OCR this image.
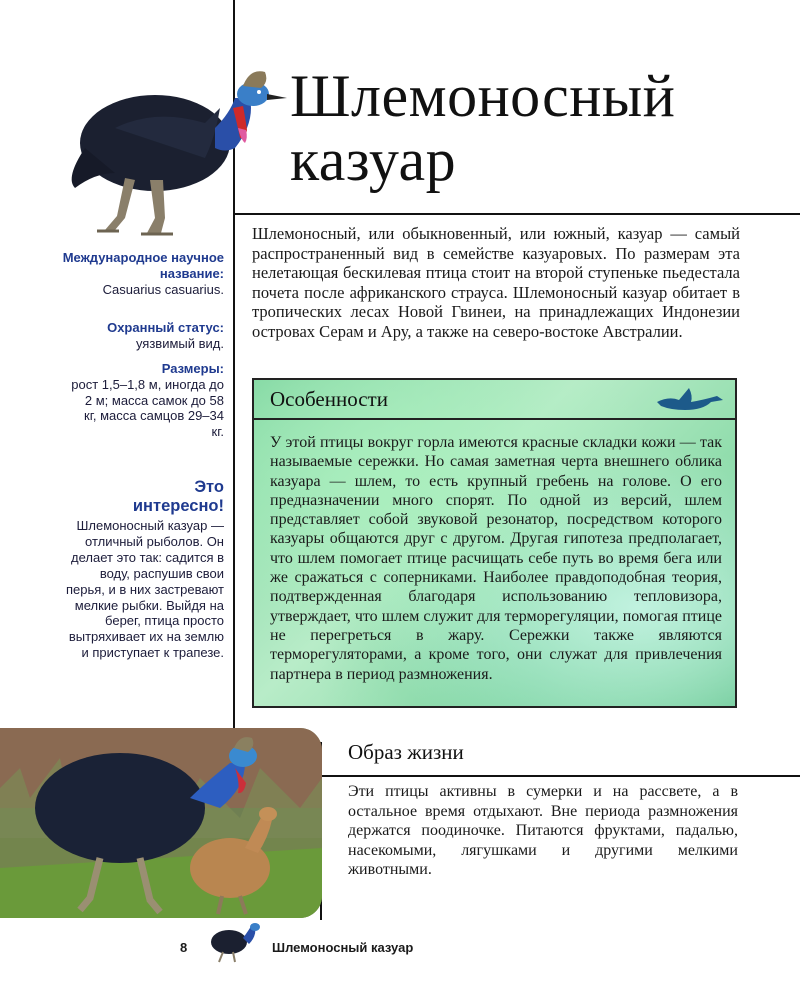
Шлемоносный
казуар

Шлемоносный, или обыкновенный, или южный, казуар — самый распространенный вид в семействе казуаровых. По размерам эта нелетающая бескилевая птица стоит на второй ступеньке пьедестала почета после африканского страуса. Шлемоносный казуар обитает в тропических лесах Новой Гвинеи, на принадлежащих Индонезии островах Серам и Ару, а также на северо-востоке Австралии.

Международное научное название:
Casuarius casuarius.
Охранный статус:
уязвимый вид.
Размеры:
рост 1,5–1,8 м, иногда до 2 м; масса самок до 58 кг, масса самцов 29–34 кг.
Это интересно!
Шлемоносный казуар — отличный рыболов. Он делает это так: садится в воду, распушив свои перья, и в них застревают мелкие рыбки. Выйдя на берег, птица просто вытряхивает их на землю и приступает к трапезе.
Особенности

У этой птицы вокруг горла имеются красные складки кожи — так называемые сережки. Но самая заметная черта внешнего облика казуара — шлем, то есть крупный гребень на голове. О его предназначении много спорят. По одной из версий, шлем представляет собой звуковой резонатор, посредством которого казуары общаются друг с другом. Другая гипотеза предполагает, что шлем помогает птице расчищать себе путь во время бега или же сражаться с соперниками. Наиболее правдоподобная теория, подтвержденная благодаря использованию тепловизора, утверждает, что шлем служит для терморегуляции, помогая птице не перегреться в жару. Сережки также являются терморегуляторами, а кроме того, они служат для привлечения партнера в период размножения.

Образ жизни

Эти птицы активны в сумерки и на рассвете, а в остальное время отдыхают. Вне периода размножения держатся поодиночке. Питаются фруктами, падалью, насекомыми, лягушками и другими мелкими животными.

8	Шлемоносный казуар
